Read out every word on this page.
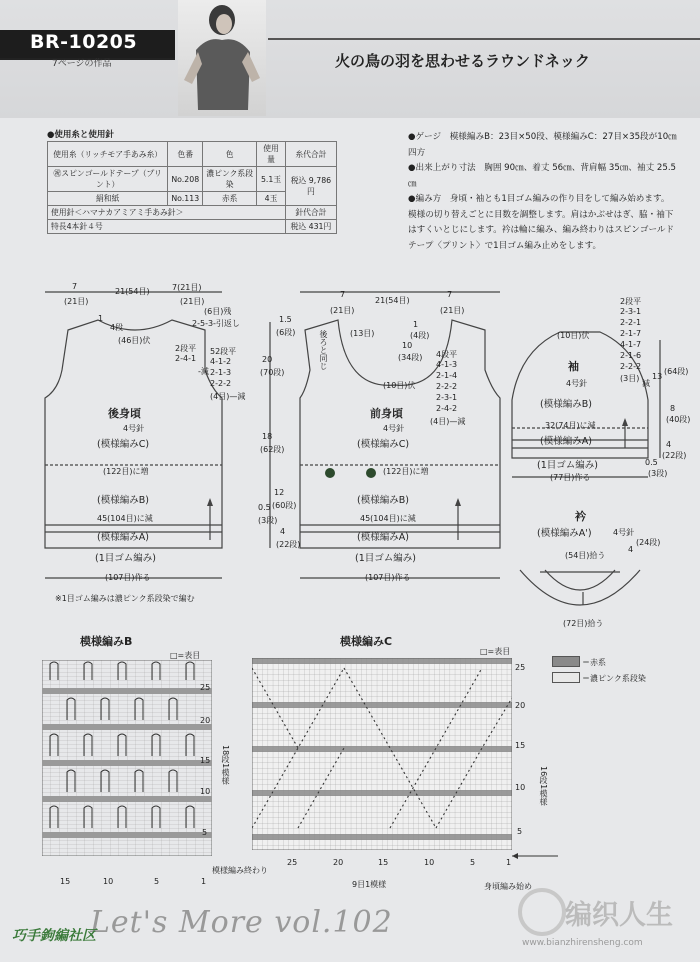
BR-10205
7ページの作品	火の鳥の羽を思わせるラウンドネック
●使用糸と使用針
使用糸（リッチモア手あみ糸）	色番	色	使用量	糸代合計
㊗スピンゴールドテープ（プリント）	No.208	濃ピンク系段染	5.1玉	税込 9,786円
絹和紙	No.113	赤系	4玉	
使用針＜ハマナカアミアミ手あみ針＞				針代合計
特長4本針４号				税込 431円

●ゲージ　模様編みB：23目×50段、模様編みC：27目×35段が10㎝四方

●出来上がり寸法　胸囲 90㎝、着丈 56㎝、背肩幅 35㎝、袖丈 25.5㎝

●編み方　身頃・袖とも1目ゴム編みの作り目をして編み始めます。模様の切り替えごとに目数を調整します。肩はかぶせはぎ、脇・袖下はすくいとじにします。衿は輪に編み、編み終わりはスピンゴールドテープ〈プリント〉で1目ゴム編み止めをします。

後身頃
4号針
(模様編みC)
(122目)に増
(模様編みB)
45(104目)に減
(模様編みA)
(1目ゴム編み)
(107目)作る
※1目ゴム編みは濃ピンク系段染で編む
7
(21目)
21(54目)	7(21目)
(21目)
1
4段
(46目)伏
(6目)残
2-5-3-引返し
2段平
2-4-1
-減
52段平
4-1-2
2-1-3
2-2-2
(4目)—減
1.5
(6段)
20
(70段)
18
(62段)
12
(60段)
0.5
(3段)
4
(22段)
前身頃
4号針
(模様編みC)
(122目)に増
(模様編みB)
45(104目)に減
(模様編みA)
(1目ゴム編み)
(107目)作る
7
(21目)
21(54目)
7
(21目)
1
(4段)
(13目)
後ろと同じ	10
(34段)
(10目)伏
4段平
4-1-3
2-1-4
2-2-2
2-3-1
2-4-2
(4目)—減
袖
4号針
(模様編みB)
32(74目)に減
(模様編みA)
(1目ゴム編み)
(77目)作る
(10目)伏
2段平
2-3-1
2-2-1
2-1-7
4-1-7
2-1-6
2-2-2
(3目)
減
13
(64段)
8
(40段)
0.5
(3段)
4
(22段)
衿
(模様編みA')	4号針
(54目)拾う
(72目)拾う
4
(24段)
模様編みB
□=表目
5
10
15
20
25
18段1模様
15	10	5	1
模様編み終わり
模様編みC
□=表目
＝赤系
＝濃ピンク系段染
5
10
15
20
25
16段1模様
25	20	15	10	5	1
9目1模様	身頃編み始め
Let's More vol.102
巧手鉤編社区
编织人生
www.bianzhirensheng.com
